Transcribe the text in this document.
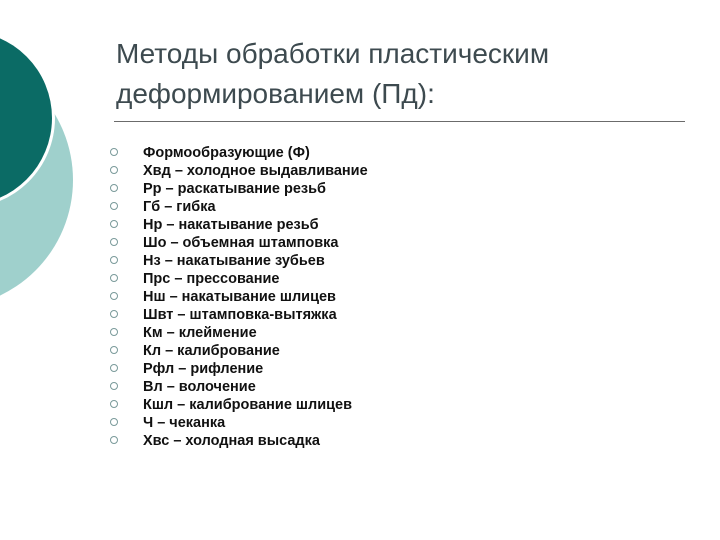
Методы обработки пластическим
деформированием (Пд):
Формообразующие (Ф)
Хвд – холодное выдавливание
Рр – раскатывание резьб
Гб – гибка
Нр – накатывание резьб
Шо – объемная штамповка
Нз – накатывание зубьев
Прс – прессование
Нш – накатывание шлицев
Швт – штамповка-вытяжка
Км – клеймение
Кл – калибрование
Рфл – рифление
Вл – волочение
Кшл – калибрование шлицев
Ч – чеканка
Хвс – холодная высадка
